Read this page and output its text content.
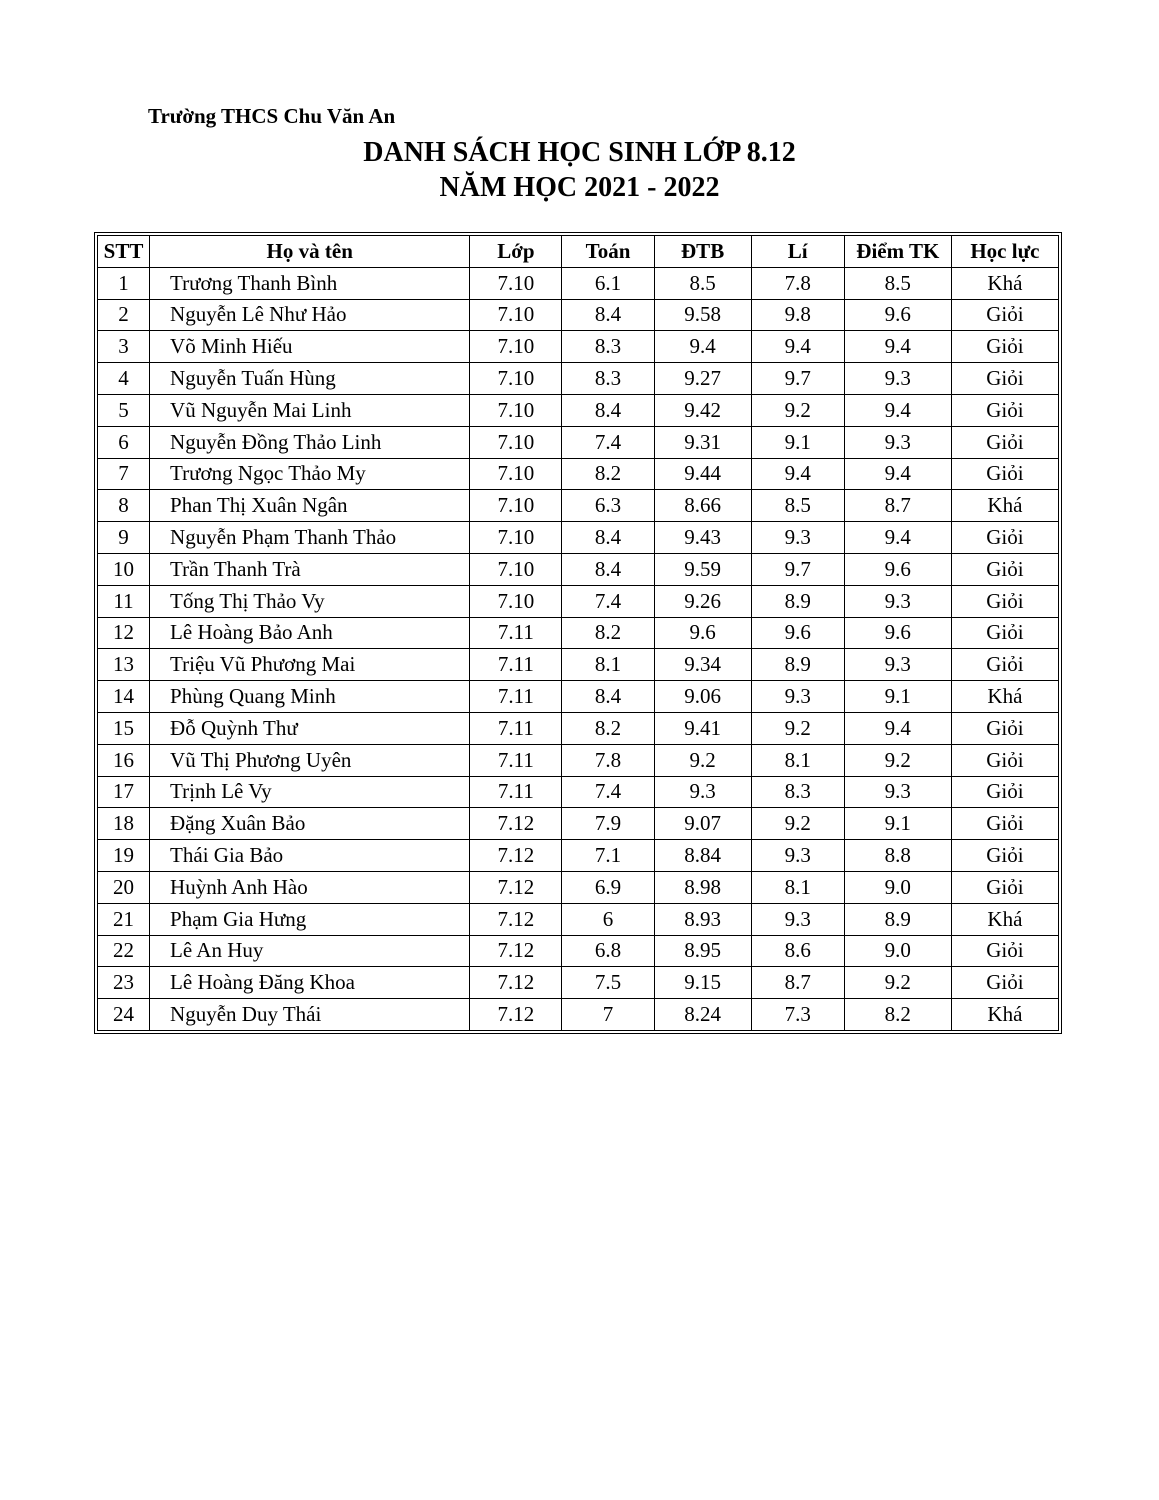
Trường THCS Chu Văn An
DANH SÁCH HỌC SINH LỚP 8.12
NĂM HỌC 2021 - 2022
STT	Họ và tên	Lớp	Toán	ĐTB	Lí	Điểm TK	Học lực
1	Trương Thanh Bình	7.10	6.1	8.5	7.8	8.5	Khá
2	Nguyễn Lê Như Hảo	7.10	8.4	9.58	9.8	9.6	Giỏi
3	Võ Minh Hiếu	7.10	8.3	9.4	9.4	9.4	Giỏi
4	Nguyễn Tuấn Hùng	7.10	8.3	9.27	9.7	9.3	Giỏi
5	Vũ Nguyễn Mai Linh	7.10	8.4	9.42	9.2	9.4	Giỏi
6	Nguyễn Đồng Thảo Linh	7.10	7.4	9.31	9.1	9.3	Giỏi
7	Trương Ngọc Thảo My	7.10	8.2	9.44	9.4	9.4	Giỏi
8	Phan Thị Xuân Ngân	7.10	6.3	8.66	8.5	8.7	Khá
9	Nguyễn Phạm Thanh Thảo	7.10	8.4	9.43	9.3	9.4	Giỏi
10	Trần Thanh Trà	7.10	8.4	9.59	9.7	9.6	Giỏi
11	Tống Thị Thảo Vy	7.10	7.4	9.26	8.9	9.3	Giỏi
12	Lê Hoàng Bảo Anh	7.11	8.2	9.6	9.6	9.6	Giỏi
13	Triệu Vũ Phương Mai	7.11	8.1	9.34	8.9	9.3	Giỏi
14	Phùng Quang Minh	7.11	8.4	9.06	9.3	9.1	Khá
15	Đỗ Quỳnh Thư	7.11	8.2	9.41	9.2	9.4	Giỏi
16	Vũ Thị Phương Uyên	7.11	7.8	9.2	8.1	9.2	Giỏi
17	Trịnh Lê Vy	7.11	7.4	9.3	8.3	9.3	Giỏi
18	Đặng Xuân Bảo	7.12	7.9	9.07	9.2	9.1	Giỏi
19	Thái Gia Bảo	7.12	7.1	8.84	9.3	8.8	Giỏi
20	Huỳnh Anh Hào	7.12	6.9	8.98	8.1	9.0	Giỏi
21	Phạm Gia Hưng	7.12	6	8.93	9.3	8.9	Khá
22	Lê An Huy	7.12	6.8	8.95	8.6	9.0	Giỏi
23	Lê Hoàng Đăng Khoa	7.12	7.5	9.15	8.7	9.2	Giỏi
24	Nguyễn Duy Thái	7.12	7	8.24	7.3	8.2	Khá
